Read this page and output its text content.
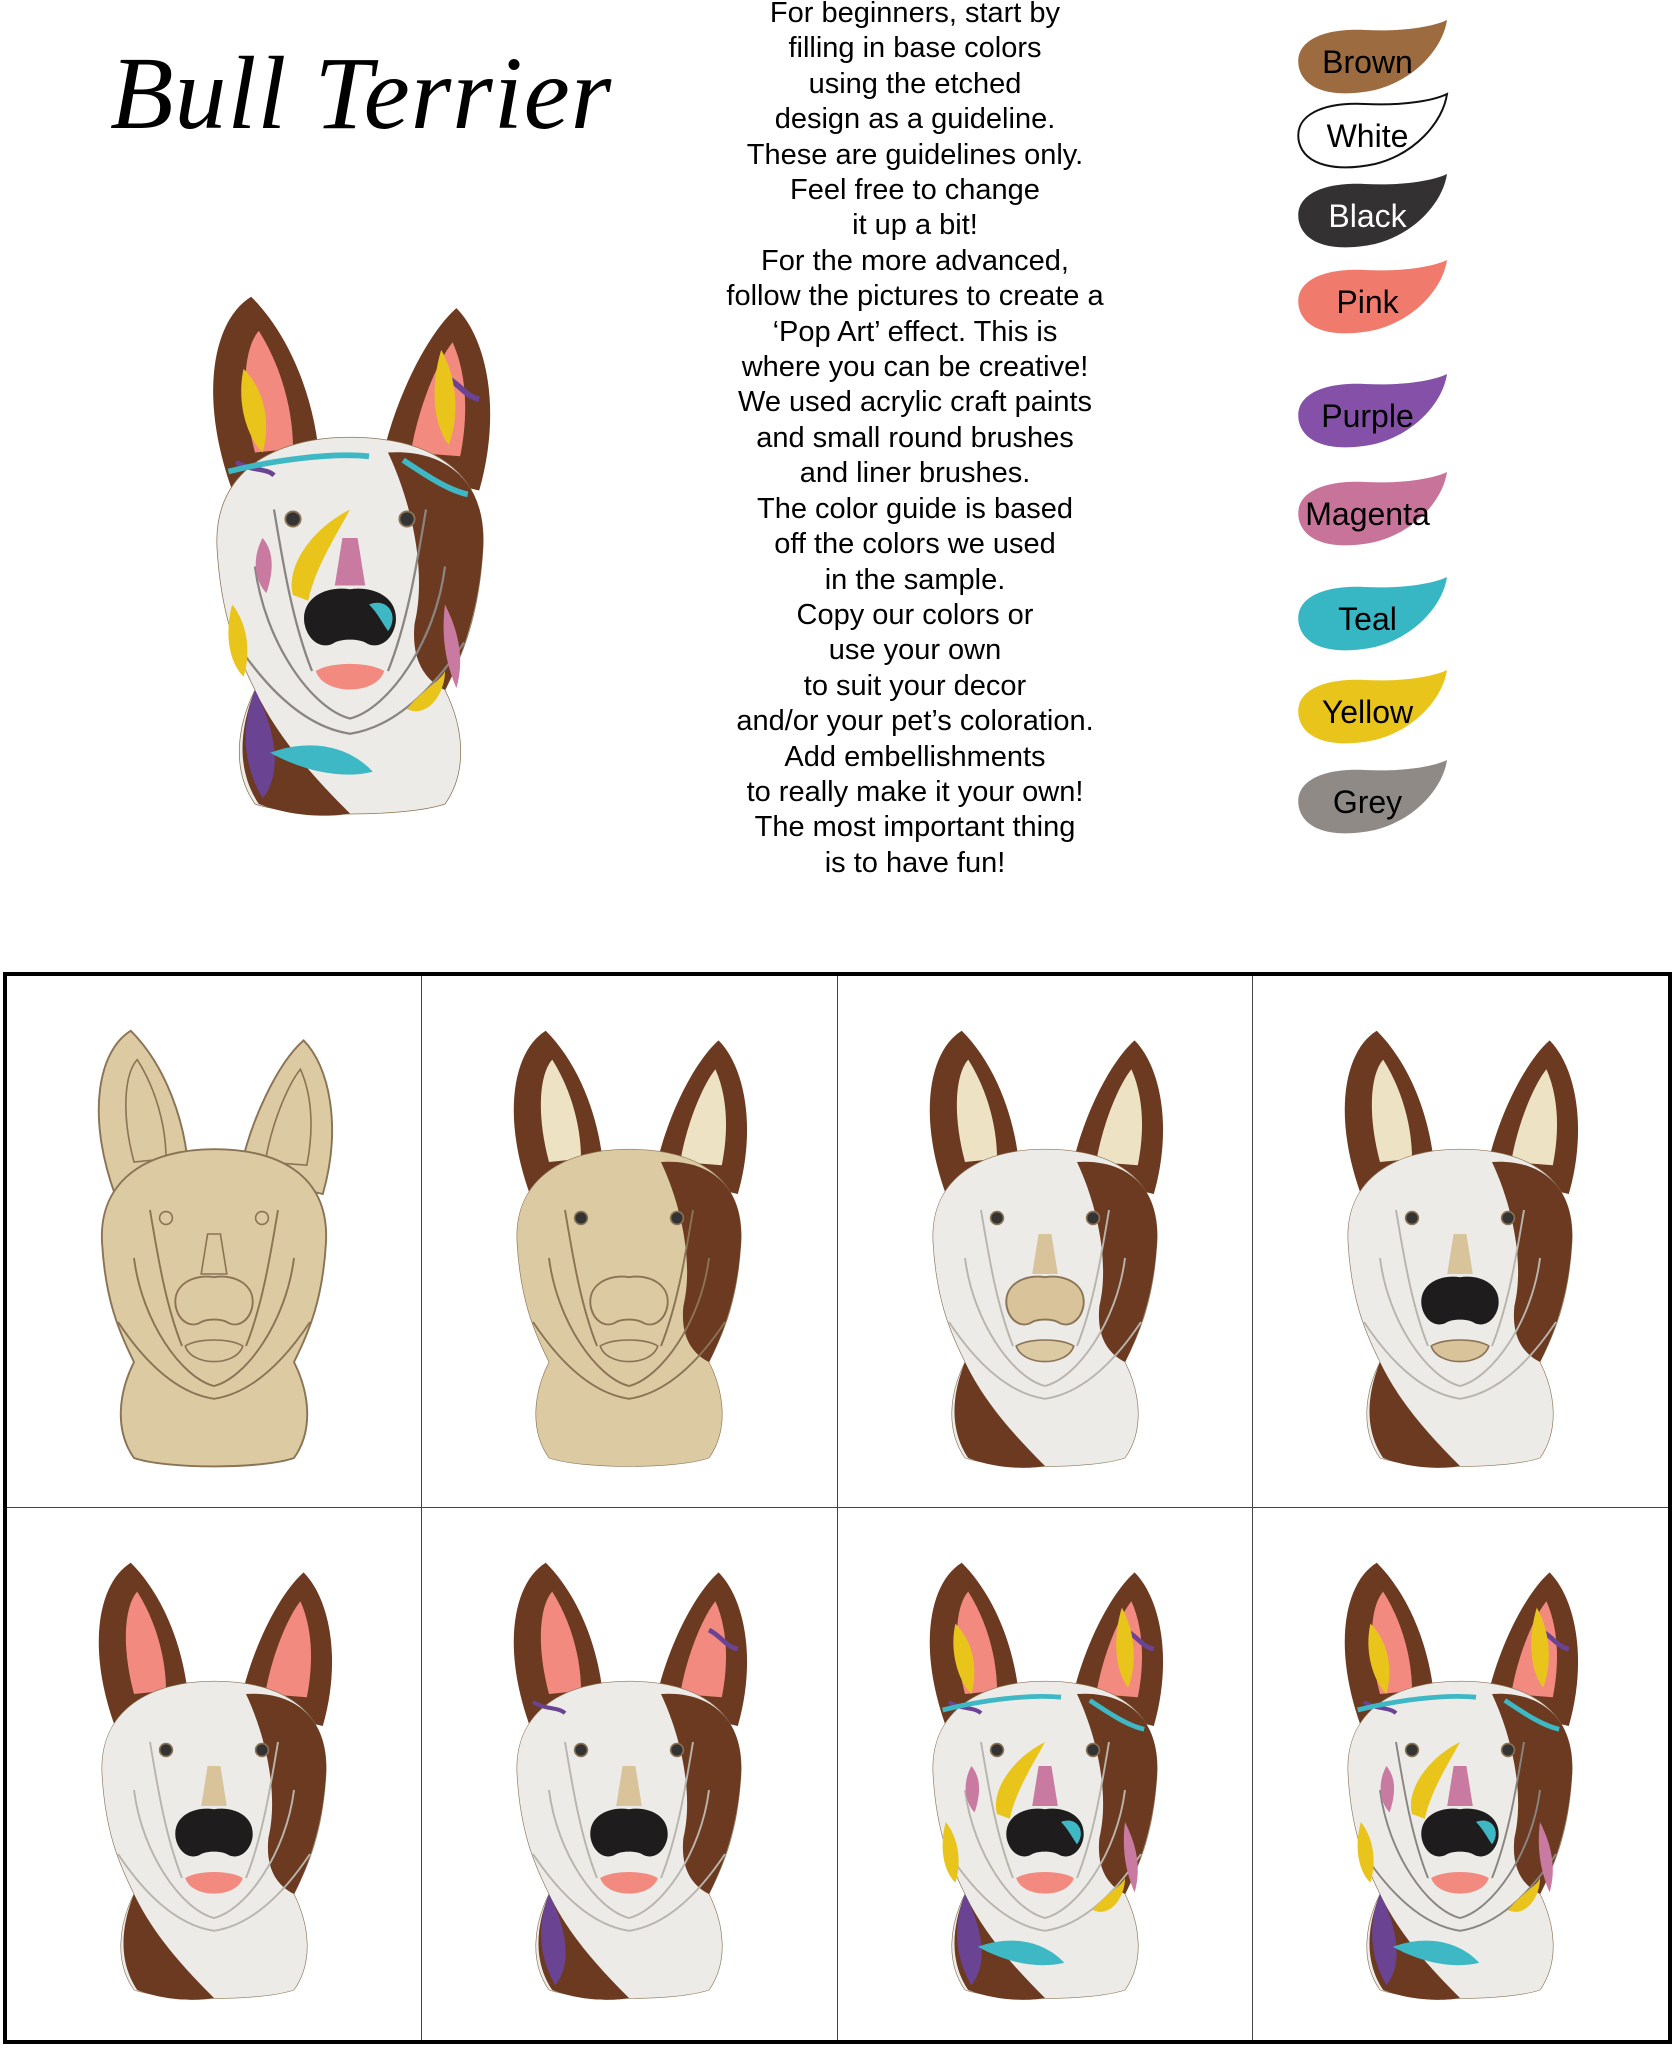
Bull Terrier
For beginners, start by
filling in base colors
using the etched
design as a guideline.
These are guidelines only.
Feel free to change
it up a bit!
For the more advanced,
follow the pictures to create a
‘Pop Art’ effect. This is
where you can be creative!
We used acrylic craft paints
and small round brushes
and liner brushes.
The color guide is based
off the colors we used
in the sample.
Copy our colors or
use your own
to suit your decor
and/or your pet’s coloration.
Add embellishments
to really make it your own!
The most important thing
is to have fun!
Brown
White
Black
Pink
Purple
Magenta
Teal
Yellow
Grey
